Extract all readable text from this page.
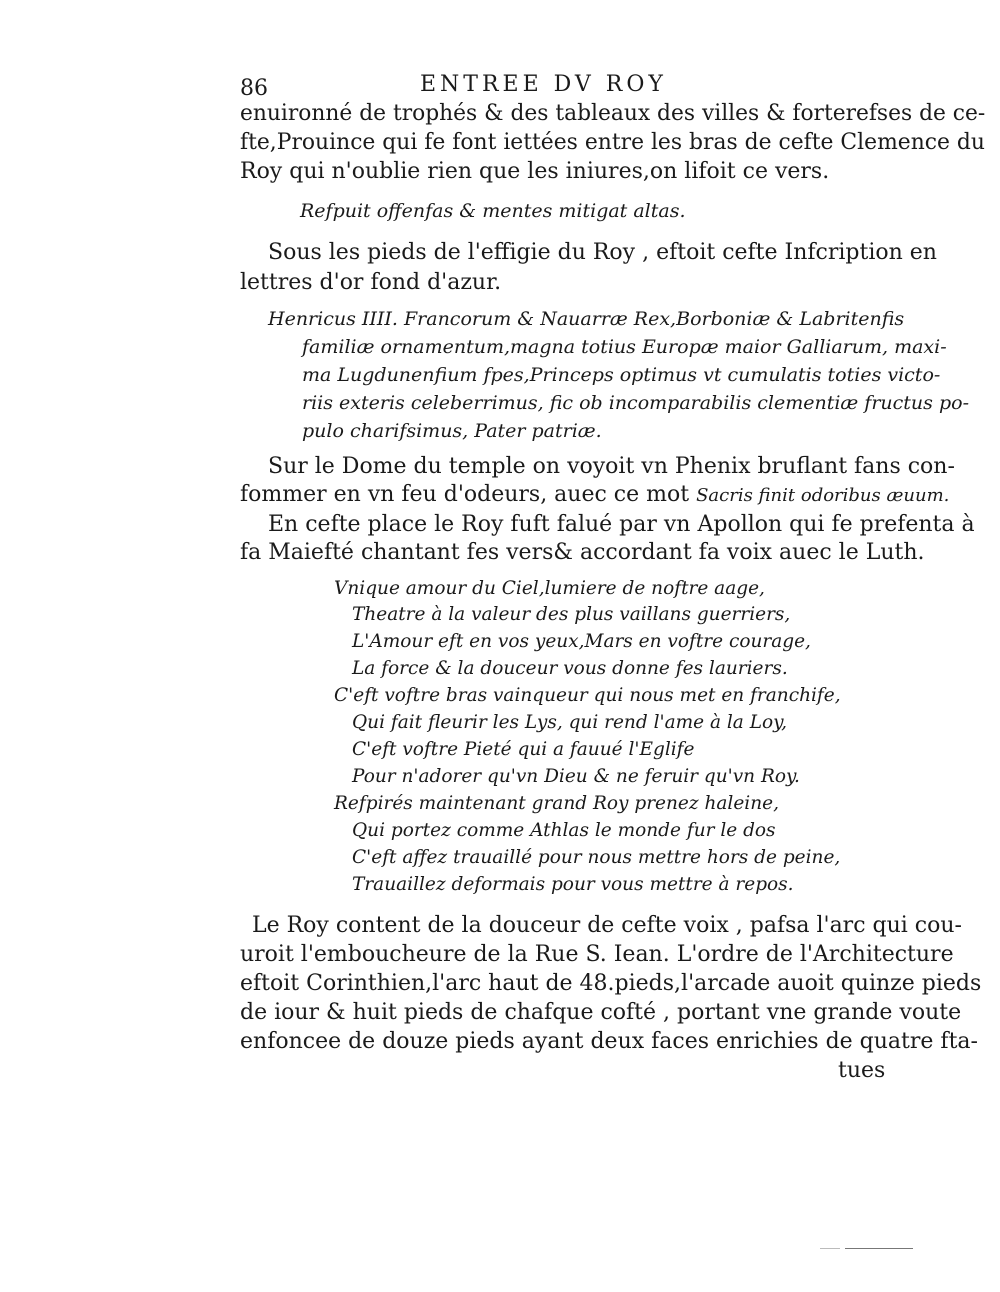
86	ENTREE DV ROY
enuironné de trophés & des tableaux des villes & forterefses de ce-
fte,Prouince qui fe font iettées entre les bras de cefte Clemence du
Roy qui n'oublie rien que les iniures,on lifoit ce vers.
Refpuit offenfas & mentes mitigat altas.
Sous les pieds de l'effigie du Roy , eftoit cefte Infcription en
lettres d'or fond d'azur.
Henricus IIII. Francorum & Nauarræ Rex,Borboniæ & Labritenfis
familiæ ornamentum,magna totius Europæ maior Galliarum, maxi-
ma Lugdunenfium fpes,Princeps optimus vt cumulatis toties victo-
riis exteris celeberrimus, fic ob incomparabilis clementiæ fructus po-
pulo charifsimus, Pater patriæ.
Sur le Dome du temple on voyoit vn Phenix bruflant fans con-
fommer en vn feu d'odeurs, auec ce mot Sacris finit odoribus æuum.
En cefte place le Roy fuft falué par vn Apollon qui fe prefenta à
fa Maiefté chantant fes vers& accordant fa voix auec le Luth.
Vnique amour du Ciel,lumiere de noftre aage,
Theatre à la valeur des plus vaillans guerriers,
L'Amour eft en vos yeux,Mars en voftre courage,
La force & la douceur vous donne fes lauriers.
C'eft voftre bras vainqueur qui nous met en franchife,
Qui fait fleurir les Lys, qui rend l'ame à la Loy,
C'eft voftre Pieté qui a fauué l'Eglife
Pour n'adorer qu'vn Dieu & ne feruir qu'vn Roy.
Refpirés maintenant grand Roy prenez haleine,
Qui portez comme Athlas le monde fur le dos
C'eft affez trauaillé pour nous mettre hors de peine,
Trauaillez deformais pour vous mettre à repos.
Le Roy content de la douceur de cefte voix , pafsa l'arc qui cou-
uroit l'embouchеure de la Rue S. Iean. L'ordre de l'Architecture
eftoit Corinthien,l'arc haut de 48.pieds,l'arcade auoit quinze pieds
de iour & huit pieds de chafque cofté , portant vne grande voute
enfoncee de douze pieds ayant deux faces enrichies de quatre fta-
tues
